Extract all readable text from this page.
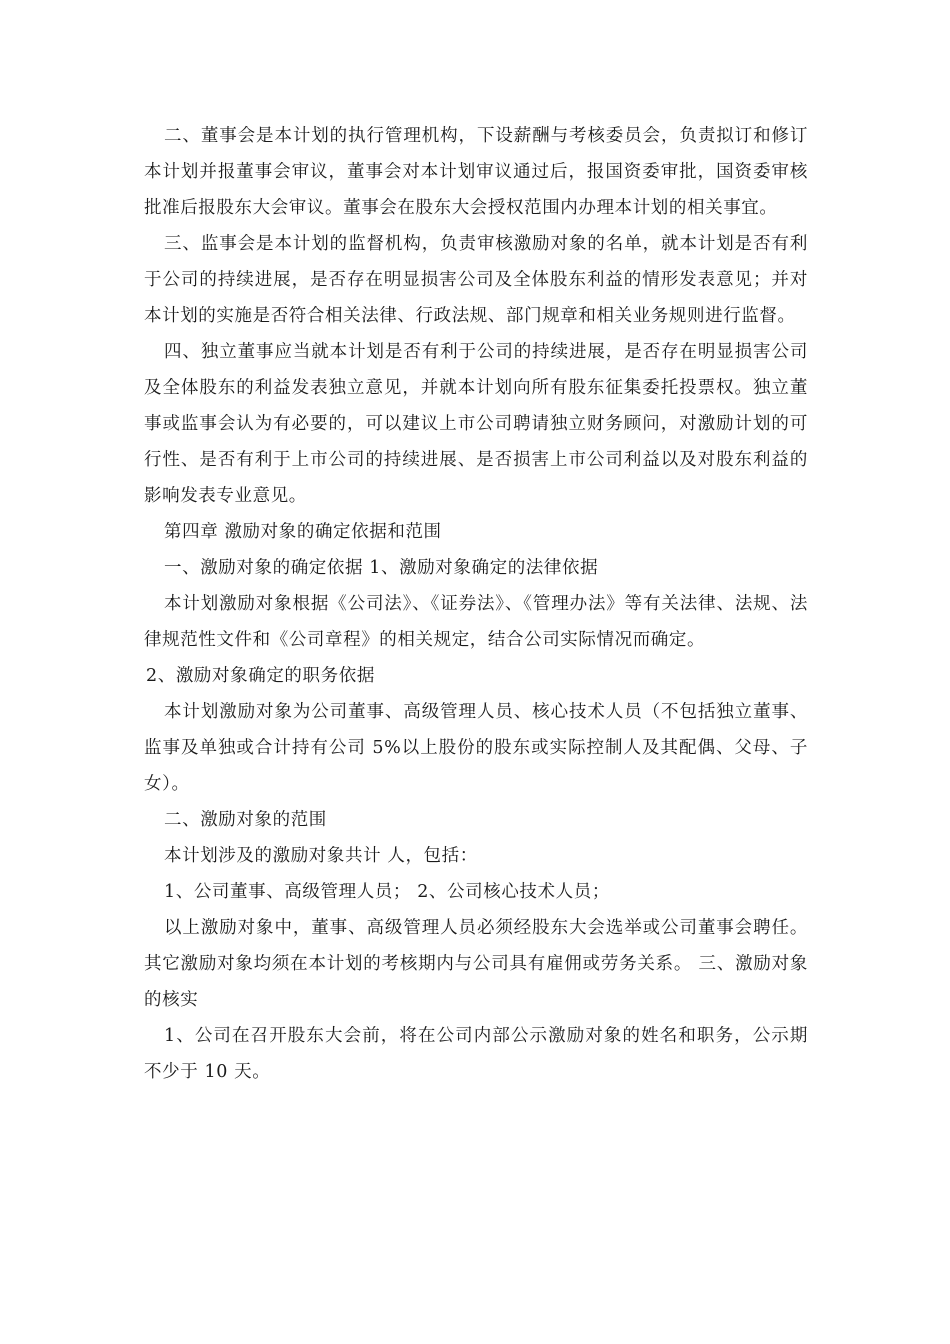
二、董事会是本计划的执行管理机构，下设薪酬与考核委员会，负责拟订和修订本计划并报董事会审议，董事会对本计划审议通过后，报国资委审批，国资委审核批准后报股东大会审议。董事会在股东大会授权范围内办理本计划的相关事宜。

三、监事会是本计划的监督机构，负责审核激励对象的名单，就本计划是否有利于公司的持续进展，是否存在明显损害公司及全体股东利益的情形发表意见；并对本计划的实施是否符合相关法律、行政法规、部门规章和相关业务规则进行监督。

四、独立董事应当就本计划是否有利于公司的持续进展，是否存在明显损害公司及全体股东的利益发表独立意见，并就本计划向所有股东征集委托投票权。独立董事或监事会认为有必要的，可以建议上市公司聘请独立财务顾问，对激励计划的可行性、是否有利于上市公司的持续进展、是否损害上市公司利益以及对股东利益的影响发表专业意见。

第四章 激励对象的确定依据和范围

一、激励对象的确定依据 1、激励对象确定的法律依据

本计划激励对象根据《公司法》、《证券法》、《管理办法》等有关法律、法规、法律规范性文件和《公司章程》的相关规定，结合公司实际情况而确定。

2、激励对象确定的职务依据

本计划激励对象为公司董事、高级管理人员、核心技术人员（不包括独立董事、监事及单独或合计持有公司 5%以上股份的股东或实际控制人及其配偶、父母、子女）。

二、激励对象的范围

本计划涉及的激励对象共计 人，包括：

1、公司董事、高级管理人员； 2、公司核心技术人员；

以上激励对象中，董事、高级管理人员必须经股东大会选举或公司董事会聘任。其它激励对象均须在本计划的考核期内与公司具有雇佣或劳务关系。 三、激励对象的核实

1、公司在召开股东大会前，将在公司内部公示激励对象的姓名和职务，公示期不少于 10 天。
